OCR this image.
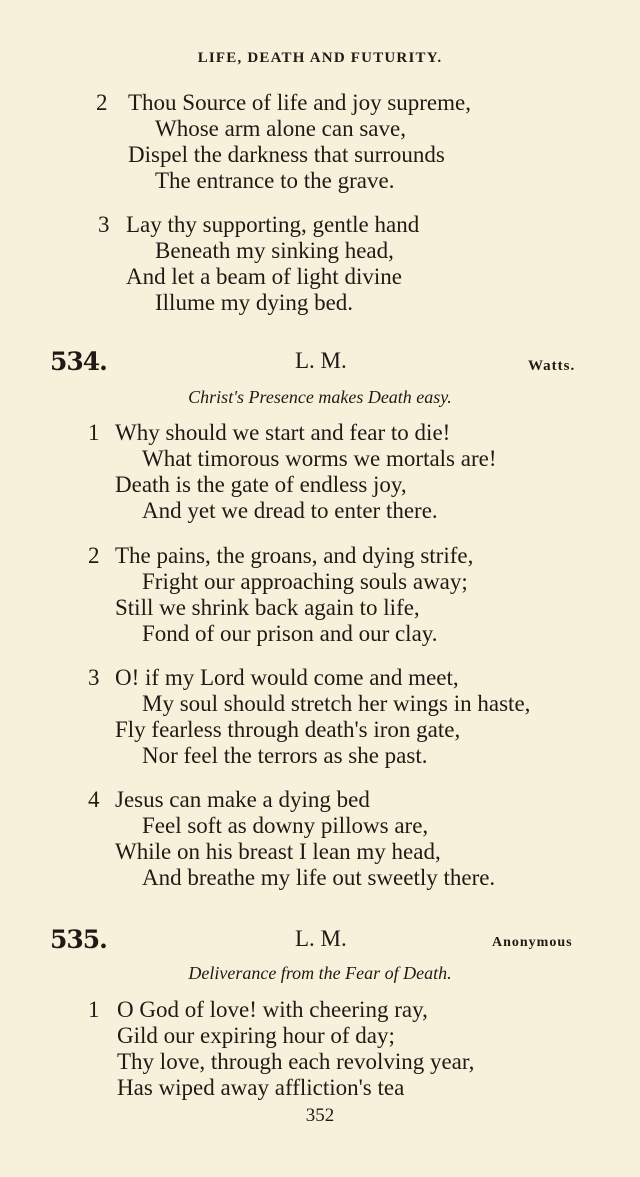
LIFE, DEATH AND FUTURITY.
2 Thou Source of life and joy supreme,
Whose arm alone can save,
Dispel the darkness that surrounds
The entrance to the grave.
3 Lay thy supporting, gentle hand
Beneath my sinking head,
And let a beam of light divine
Illume my dying bed.
534.	L. M.	Watts.
Christ's Presence makes Death easy.
1 Why should we start and fear to die!
What timorous worms we mortals are!
Death is the gate of endless joy,
And yet we dread to enter there.
2 The pains, the groans, and dying strife,
Fright our approaching souls away;
Still we shrink back again to life,
Fond of our prison and our clay.
3 O! if my Lord would come and meet,
My soul should stretch her wings in haste,
Fly fearless through death's iron gate,
Nor feel the terrors as she past.
4 Jesus can make a dying bed
Feel soft as downy pillows are,
While on his breast I lean my head,
And breathe my life out sweetly there.
535.	L. M.	Anonymous
Deliverance from the Fear of Death.
1 O God of love! with cheering ray,
Gild our expiring hour of day;
Thy love, through each revolving year,
Has wiped away affliction's tea
352
